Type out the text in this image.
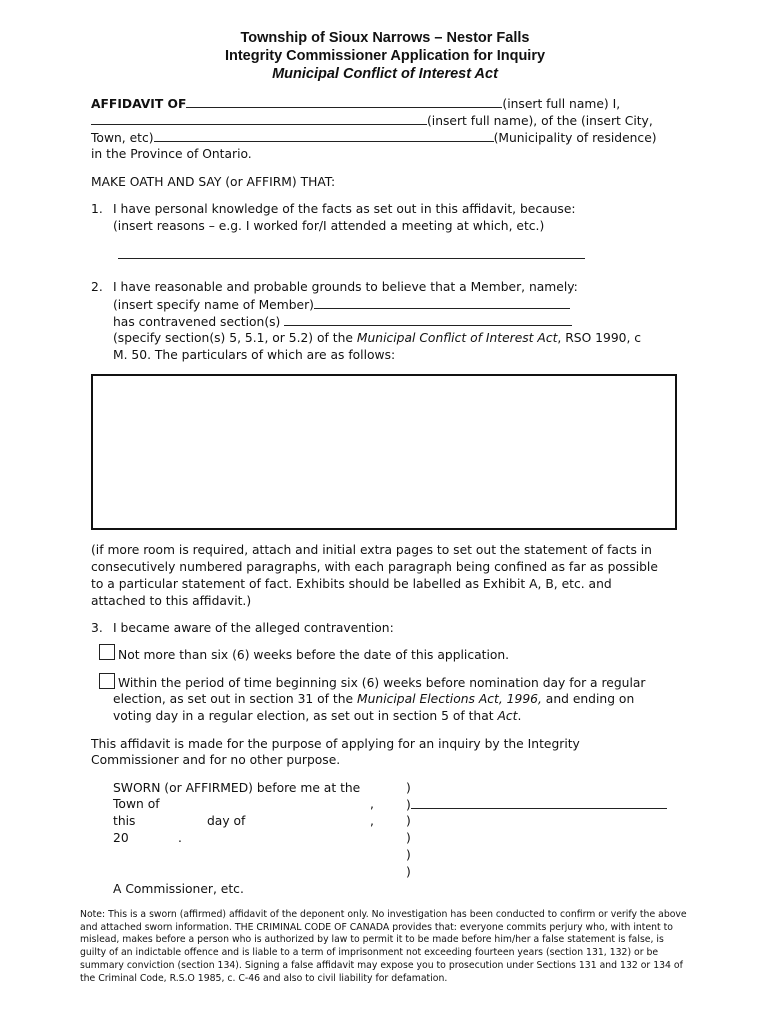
Township of Sioux Narrows – Nestor Falls
Integrity Commissioner Application for Inquiry
Municipal Conflict of Interest Act
AFFIDAVIT OF	(insert full name) I,
(insert full name), of the (insert City,
Town, etc)	(Municipality of residence)
in the Province of Ontario.
MAKE OATH AND SAY (or AFFIRM) THAT:
1. I have personal knowledge of the facts as set out in this affidavit, because:
(insert reasons – e.g. I worked for/I attended a meeting at which, etc.)
2. I have reasonable and probable grounds to believe that a Member, namely:
(insert specify name of Member)
has contravened section(s)
(specify section(s) 5, 5.1, or 5.2) of the Municipal Conflict of Interest Act, RSO 1990, c
M. 50. The particulars of which are as follows:
(if more room is required, attach and initial extra pages to set out the statement of facts in
consecutively numbered paragraphs, with each paragraph being confined as far as possible
to a particular statement of fact. Exhibits should be labelled as Exhibit A, B, etc. and
attached to this affidavit.)
3. I became aware of the alleged contravention:
Not more than six (6) weeks before the date of this application.
Within the period of time beginning six (6) weeks before nomination day for a regular
election, as set out in section 31 of the Municipal Elections Act, 1996, and ending on
voting day in a regular election, as set out in section 5 of that Act.
This affidavit is made for the purpose of applying for an inquiry by the Integrity
Commissioner and for no other purpose.
SWORN (or AFFIRMED) before me at the
Town of	,
this	day of	,
20	.
)
)
)
)
)
)
A Commissioner, etc.
Note: This is a sworn (affirmed) affidavit of the deponent only. No investigation has been conducted to confirm or verify the above and attached sworn information. THE CRIMINAL CODE OF CANADA provides that: everyone commits perjury who, with intent to mislead, makes before a person who is authorized by law to permit it to be made before him/her a false statement is false, is guilty of an indictable offence and is liable to a term of imprisonment not exceeding fourteen years (section 131, 132) or be summary conviction (section 134). Signing a false affidavit may expose you to prosecution under Sections 131 and 132 or 134 of the Criminal Code, R.S.O 1985, c. C-46 and also to civil liability for defamation.
